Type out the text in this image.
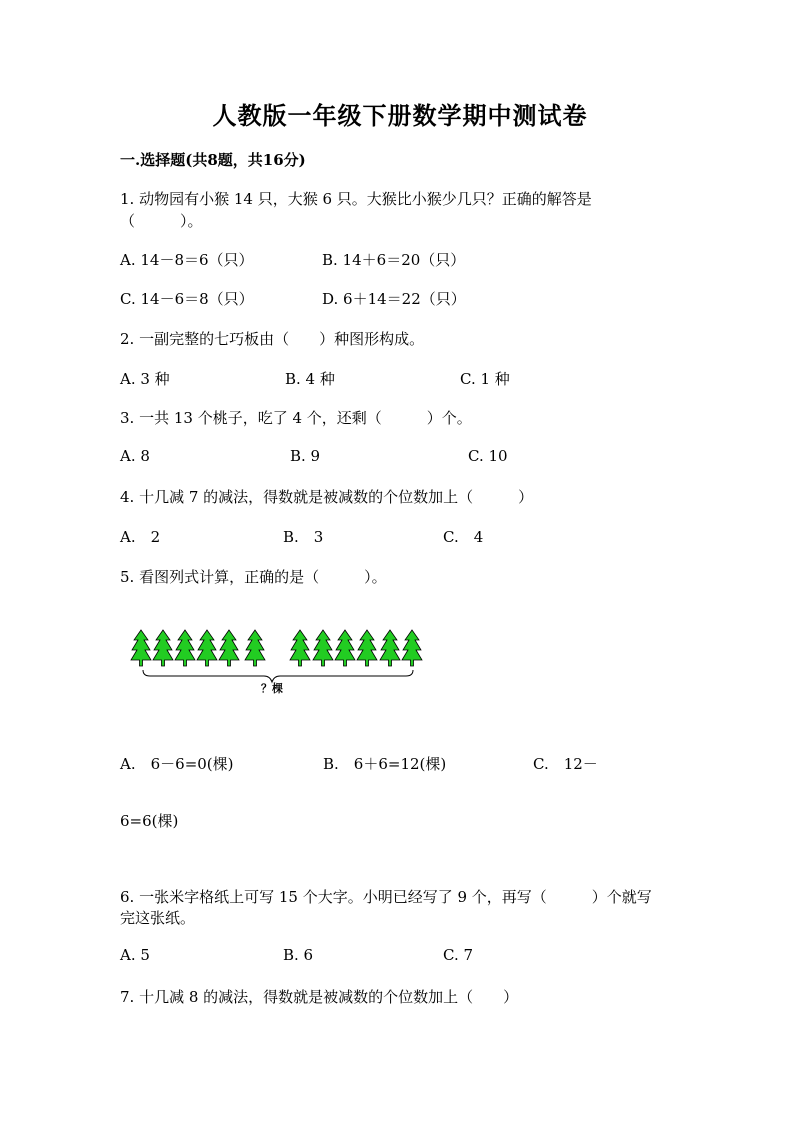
人教版一年级下册数学期中测试卷
一.选择题(共8题，共16分)
1. 动物园有小猴 14 只，大猴 6 只。大猴比小猴少几只？正确的解答是
（　　　）。
A. 14－8＝6（只）	B. 14＋6＝20（只）
C. 14－6＝8（只）	D. 6＋14＝22（只）
2. 一副完整的七巧板由（　　）种图形构成。
A. 3 种	B. 4 种	C. 1 种
3. 一共 13 个桃子，吃了 4 个，还剩（　　　）个。
A. 8	B. 9	C. 10
4. 十几减 7 的减法，得数就是被减数的个位数加上（　　　）
A.　2	B.　3	C.　4
5. 看图列式计算，正确的是（　　　）。
？棵
A.　6－6=0(棵)	B.　6＋6=12(棵)	C.　12－
6=6(棵)
6. 一张米字格纸上可写 15 个大字。小明已经写了 9 个，再写（　　　）个就写
完这张纸。
A. 5	B. 6	C. 7
7. 十几减 8 的减法，得数就是被减数的个位数加上（　　）
